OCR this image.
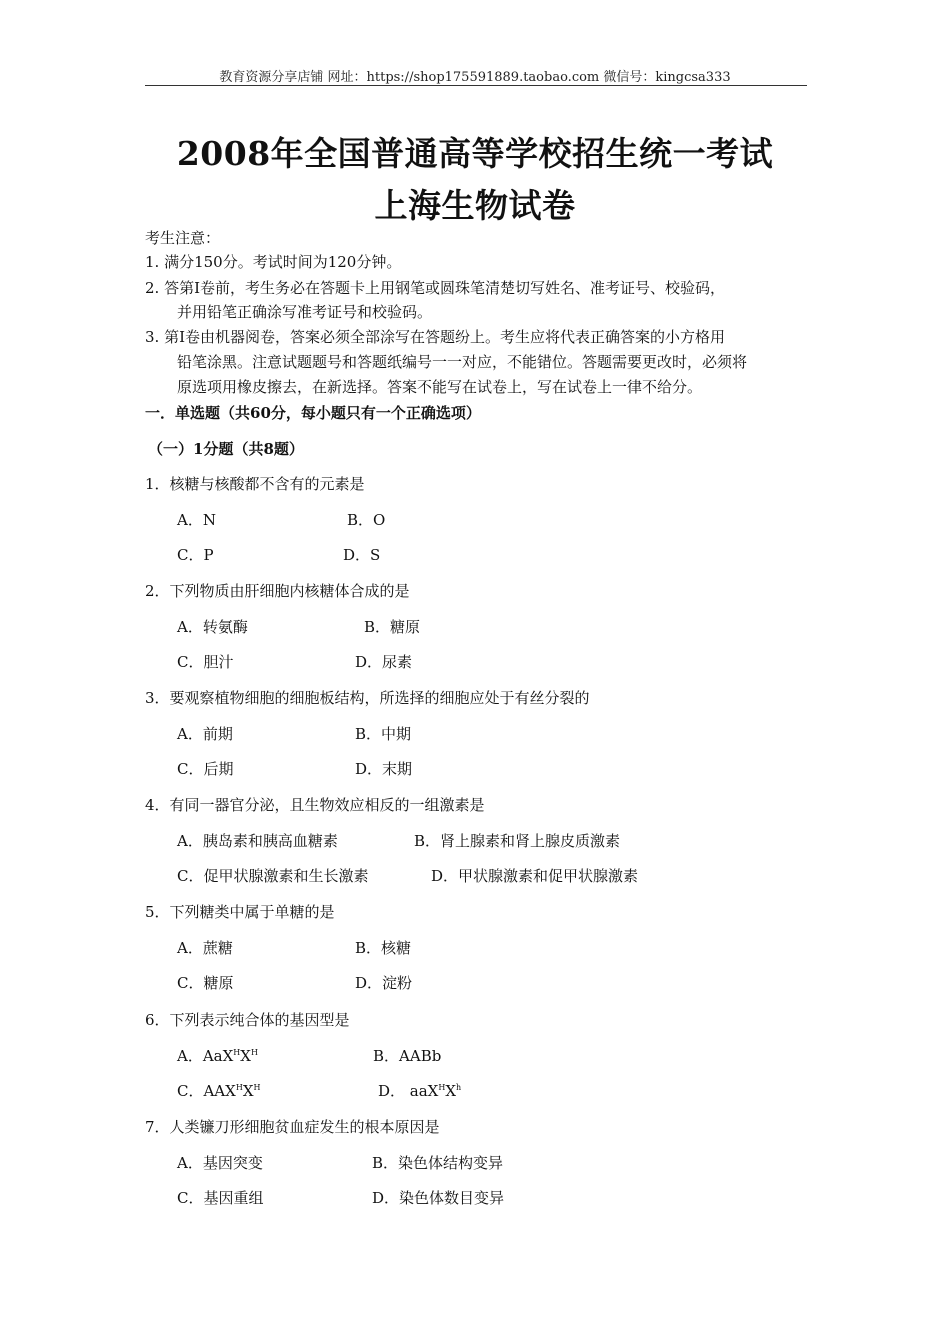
教育资源分享店铺 网址：https://shop175591889.taobao.com 微信号：kingcsa333
2008年全国普通高等学校招生统一考试
上海生物试卷
考生注意：
1. 满分150分。考试时间为120分钟。
2. 答第Ⅰ卷前，考生务必在答题卡上用钢笔或圆珠笔清楚切写姓名、准考证号、校验码，
并用铅笔正确涂写准考证号和校验码。
3. 第Ⅰ卷由机器阅卷，答案必须全部涂写在答题纷上。考生应将代表正确答案的小方格用
铅笔涂黑。注意试题题号和答题纸编号一一对应，不能错位。答题需要更改时，必须将
原选项用橡皮擦去，在新选择。答案不能写在试卷上，写在试卷上一律不给分。
一．单选题（共60分，每小题只有一个正确选项）
（一）1分题（共8题）
1．核糖与核酸都不含有的元素是
A．N	B．O
C．P	D．S
2．下列物质由肝细胞内核糖体合成的是
A．转氨酶	B．糖原
C．胆汁	D．尿素
3．要观察植物细胞的细胞板结构，所选择的细胞应处于有丝分裂的
A．前期	B．中期
C．后期	D．末期
4．有同一器官分泌，且生物效应相反的一组激素是
A．胰岛素和胰高血糖素	B．肾上腺素和肾上腺皮质激素
C．促甲状腺激素和生长激素	D．甲状腺激素和促甲状腺激素
5．下列糖类中属于单糖的是
A．蔗糖	B．核糖
C．糖原	D．淀粉
6．下列表示纯合体的基因型是
A．$AaX^HX^H$	B．AABb
C．$AAX^HX^H$	D． $aaX^HX^h$
7．人类镰刀形细胞贫血症发生的根本原因是
A．基因突变	B．染色体结构变异
C．基因重组	D．染色体数目变异
